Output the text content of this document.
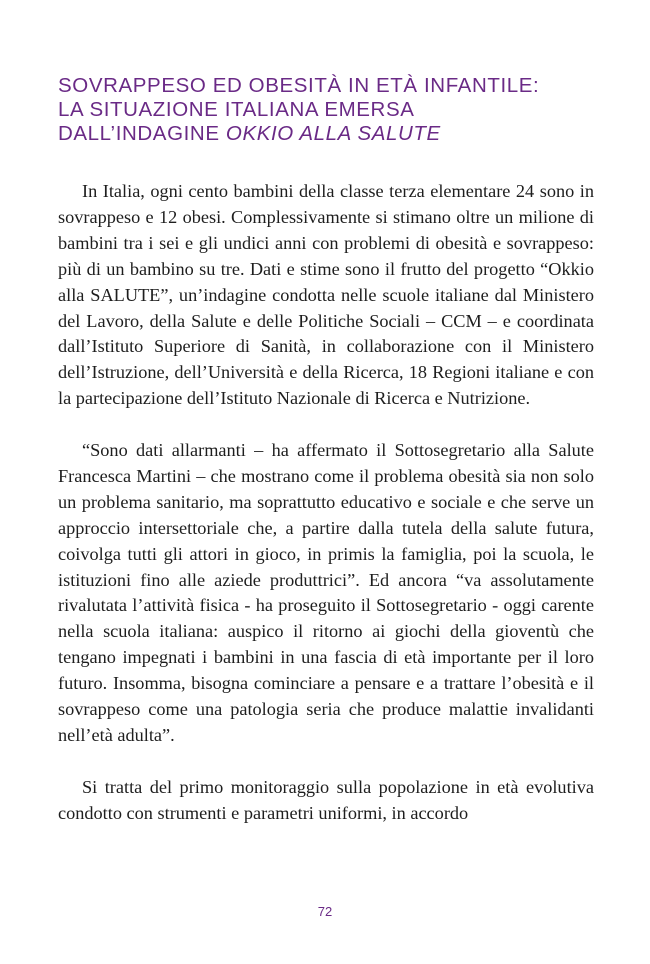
SOVRAPPESO ED OBESITÀ IN ETÀ INFANTILE:
LA SITUAZIONE ITALIANA EMERSA
DALL’INDAGINE OKKIO ALLA SALUTE

In Italia, ogni cento bambini della classe terza elementare 24 sono in sovrappeso e 12 obesi. Complessivamente si stimano oltre un milione di bambini tra i sei e gli undici anni con problemi di obesità e sovrappeso: più di un bambino su tre. Dati e stime sono il frutto del progetto “Okkio alla SALUTE”, un’indagine condotta nelle scuole italiane dal Ministero del Lavoro, della Salute e delle Politiche Sociali – CCM – e coordinata dall’Istituto Superiore di Sanità, in collaborazione con il Ministero dell’Istruzione, dell’Università e della Ricerca, 18 Regioni italiane e con la partecipazione dell’Istituto Nazionale di Ricerca e Nutrizione.

“Sono dati allarmanti – ha affermato il Sottosegretario alla Salute Francesca Martini – che mostrano come il problema obesità sia non solo un problema sanitario, ma soprattutto educativo e sociale e che serve un approccio intersettoriale che, a partire dalla tutela della salute futura, coivolga tutti gli attori in gioco, in primis la famiglia, poi la scuola, le istituzioni fino alle aziede produttrici”. Ed ancora “va assolutamente rivalutata l’attività fisica - ha proseguito il Sottosegretario - oggi carente nella scuola italiana: auspico il ritorno ai giochi della gioventù che tengano impegnati i bambini in una fascia di età importante per il loro futuro. Insomma, bisogna cominciare a pensare e a trattare l’obesità e il sovrappeso come una patologia seria che produce malattie invalidanti nell’età adulta”.

Si tratta del primo monitoraggio sulla popolazione in età evolutiva condotto con strumenti e parametri uniformi, in accordo

72
